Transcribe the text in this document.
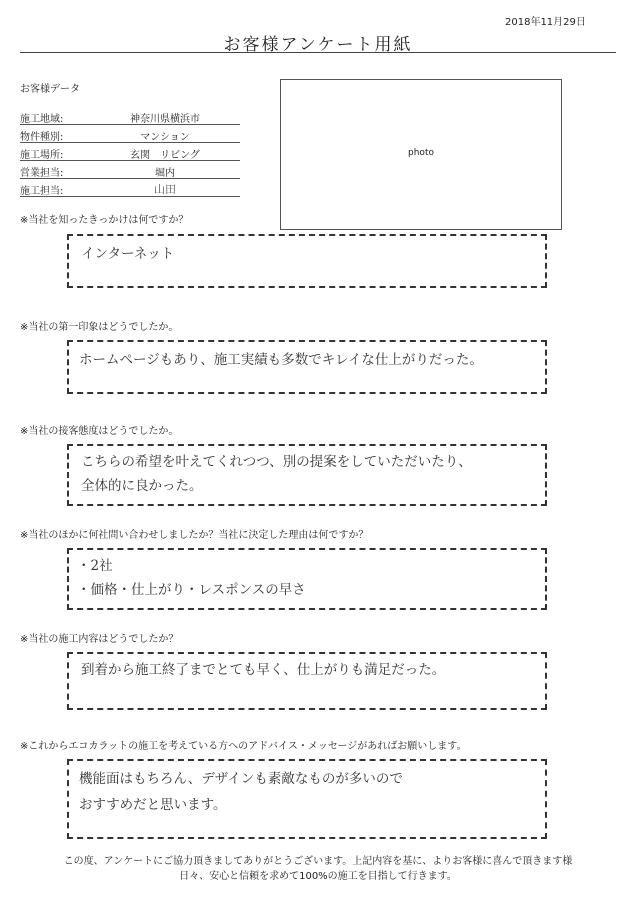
2018年11月29日
お客様アンケート用紙
お客様データ
施工地域:	神奈川県横浜市
物件種別:	マンション
施工場所:	玄関　リビング
営業担当:	堀内
施工担当:	山田
photo
※当社を知ったきっかけは何ですか？
インターネット
※当社の第一印象はどうでしたか。
ホームページもあり、施工実績も多数でキレイな仕上がりだった。
※当社の接客態度はどうでしたか。
こちらの希望を叶えてくれつつ、別の提案をしていただいたり、
全体的に良かった。
※当社のほかに何社問い合わせしましたか？当社に決定した理由は何ですか？
・2社
・価格・仕上がり・レスポンスの早さ
※当社の施工内容はどうでしたか？
到着から施工終了までとても早く、仕上がりも満足だった。
※これからエコカラットの施工を考えている方へのアドバイス・メッセージがあればお願いします。
機能面はもちろん、デザインも素敵なものが多いので
おすすめだと思います。
この度、アンケートにご協力頂きましてありがとうございます。上記内容を基に、よりお客様に喜んで頂きます様
日々、安心と信頼を求めて100%の施工を目指して行きます。
